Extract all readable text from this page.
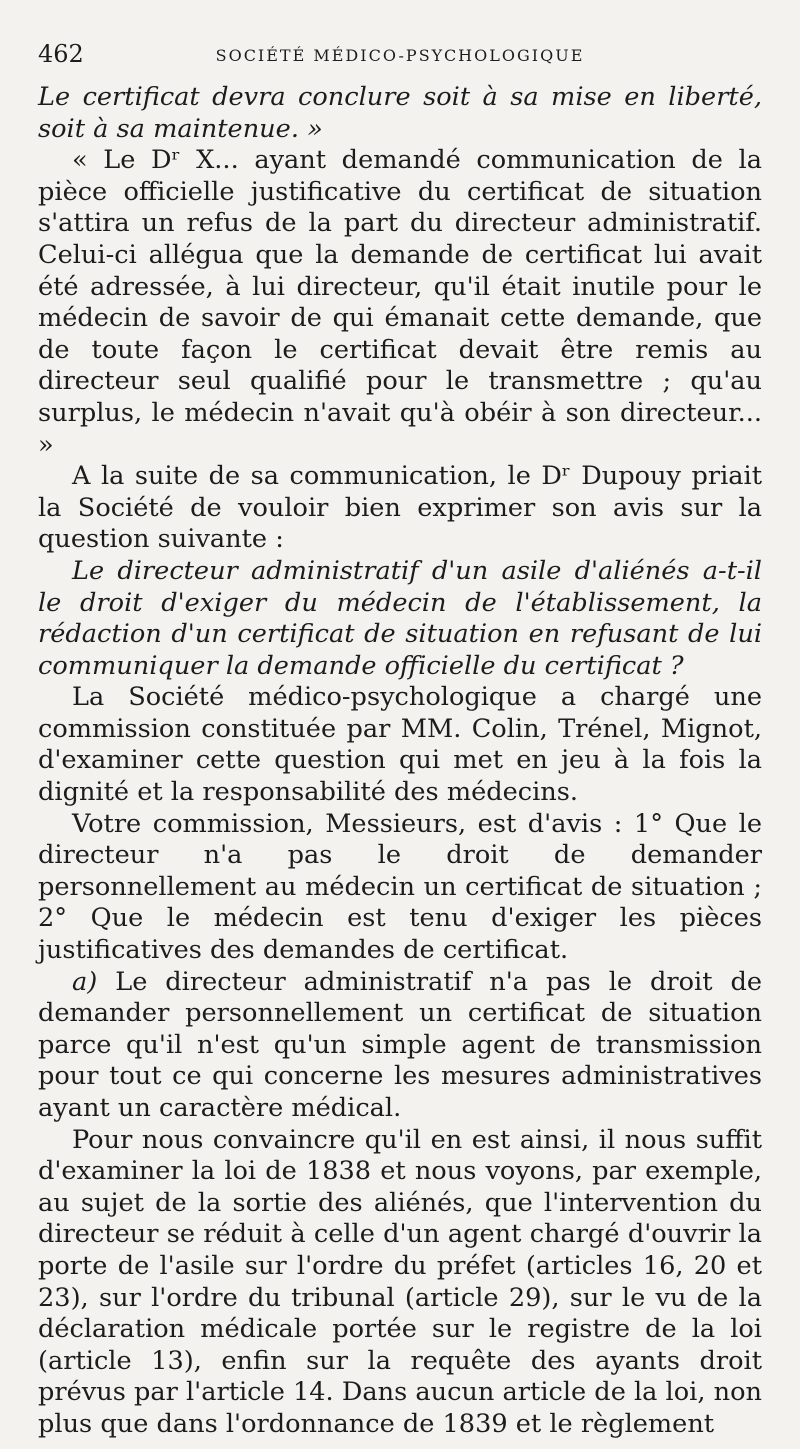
462	SOCIÉTÉ MÉDICO-PSYCHOLOGIQUE

Le certificat devra conclure soit à sa mise en liberté, soit à sa maintenue. »

« Le Dʳ X... ayant demandé communication de la pièce officielle justificative du certificat de situation s'attira un refus de la part du directeur administratif. Celui-ci allégua que la demande de certificat lui avait été adressée, à lui directeur, qu'il était inutile pour le médecin de savoir de qui émanait cette demande, que de toute façon le certificat devait être remis au directeur seul qualifié pour le transmettre ; qu'au surplus, le médecin n'avait qu'à obéir à son directeur... »

A la suite de sa communication, le Dʳ Dupouy priait la Société de vouloir bien exprimer son avis sur la question suivante :

Le directeur administratif d'un asile d'aliénés a-t-il le droit d'exiger du médecin de l'établissement, la rédaction d'un certificat de situation en refusant de lui communiquer la demande officielle du certificat ?

La Société médico-psychologique a chargé une commission constituée par MM. Colin, Trénel, Mignot, d'examiner cette question qui met en jeu à la fois la dignité et la responsabilité des médecins.

Votre commission, Messieurs, est d'avis : 1° Que le directeur n'a pas le droit de demander personnellement au médecin un certificat de situation ; 2° Que le médecin est tenu d'exiger les pièces justificatives des demandes de certificat.

a) Le directeur administratif n'a pas le droit de demander personnellement un certificat de situation parce qu'il n'est qu'un simple agent de transmission pour tout ce qui concerne les mesures administratives ayant un caractère médical.

Pour nous convaincre qu'il en est ainsi, il nous suffit d'examiner la loi de 1838 et nous voyons, par exemple, au sujet de la sortie des aliénés, que l'intervention du directeur se réduit à celle d'un agent chargé d'ouvrir la porte de l'asile sur l'ordre du préfet (articles 16, 20 et 23), sur l'ordre du tribunal (article 29), sur le vu de la déclaration médicale portée sur le registre de la loi (article 13), enfin sur la requête des ayants droit prévus par l'article 14. Dans aucun article de la loi, non plus que dans l'ordonnance de 1839 et le règlement
